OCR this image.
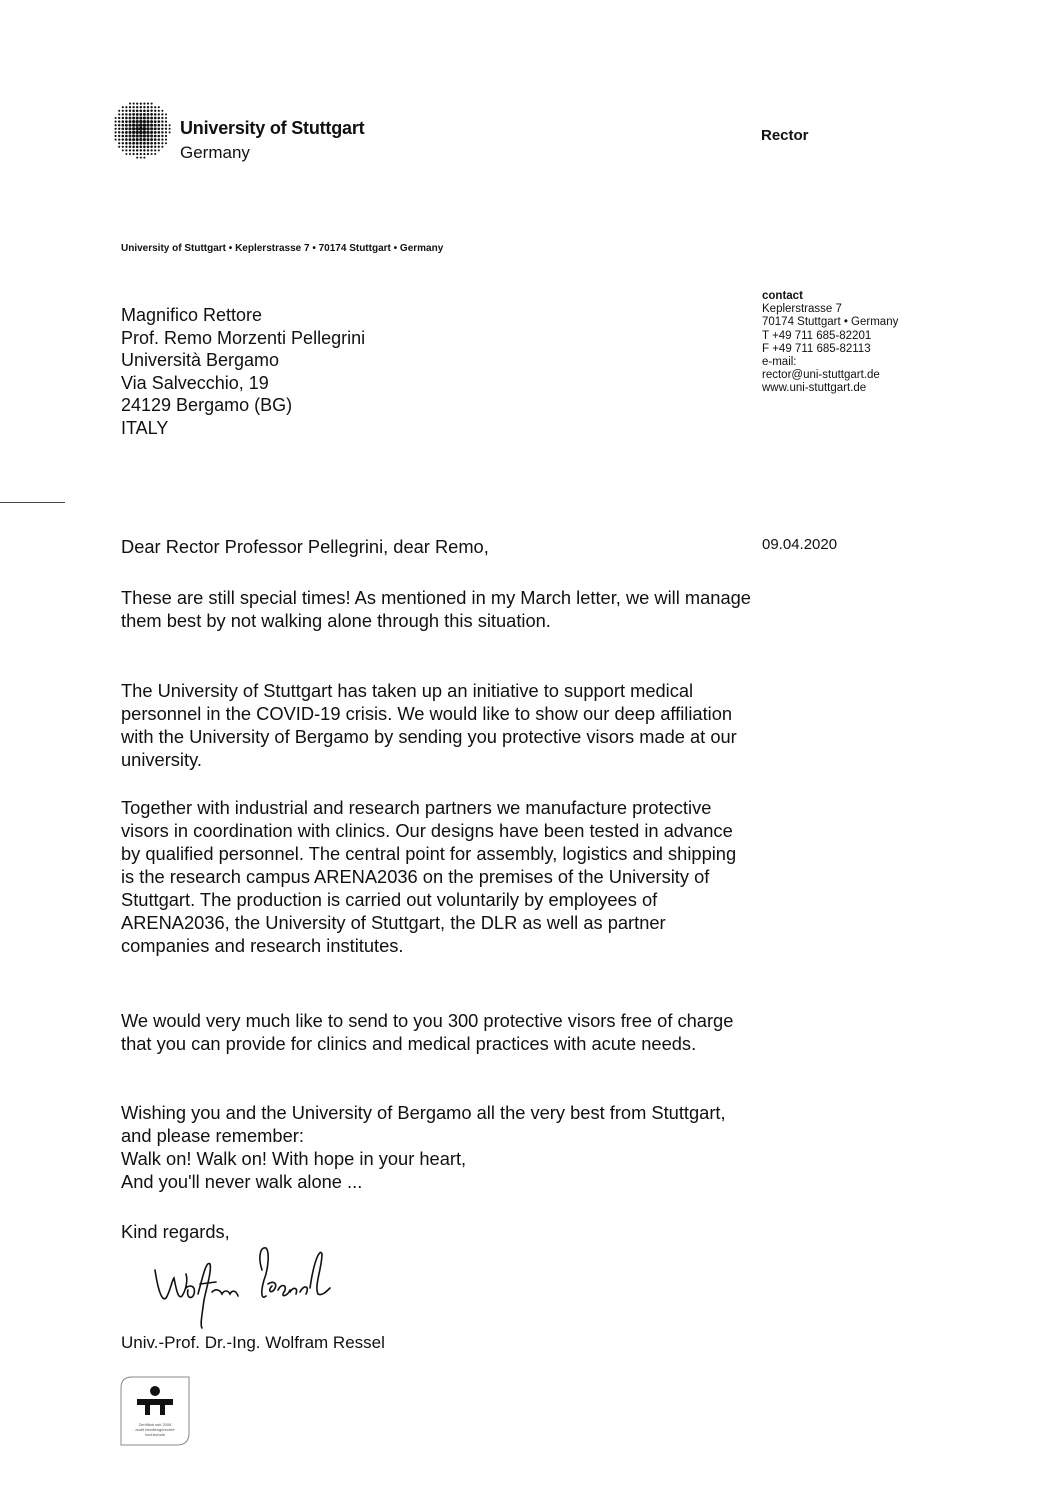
University of Stuttgart
Germany
Rector
University of Stuttgart • Keplerstrasse 7 • 70174 Stuttgart • Germany
Magnifico Rettore
Prof. Remo Morzenti Pellegrini
Università Bergamo
Via Salvecchio, 19
24129 Bergamo (BG)
ITALY
contact
Keplerstrasse 7
70174 Stuttgart • Germany
T +49 711 685-82201
F +49 711 685-82113
e-mail:
rector@uni-stuttgart.de
www.uni-stuttgart.de
09.04.2020
Dear Rector Professor Pellegrini, dear Remo,

These are still special times! As mentioned in my March letter, we will manage them best by not walking alone through this situation.

The University of Stuttgart has taken up an initiative to support medical personnel in the COVID-19 crisis. We would like to show our deep affiliation with the University of Bergamo by sending you protective visors made at our university.

Together with industrial and research partners we manufacture protective visors in coordination with clinics. Our designs have been tested in advance by qualified personnel. The central point for assembly, logistics and shipping is the research campus ARENA2036 on the premises of the University of Stuttgart. The production is carried out voluntarily by employees of ARENA2036, the University of Stuttgart, the DLR as well as partner companies and research institutes.

We would very much like to send to you 300 protective visors free of charge that you can provide for clinics and medical practices with acute needs.

Wishing you and the University of Bergamo all the very best from Stuttgart, and please remember:
Walk on! Walk on! With hope in your heart,
And you'll never walk alone ...
Kind regards,
Univ.-Prof. Dr.-Ing. Wolfram Ressel
Zertifikat seit 2008
audit familiengerechte
hochschule
